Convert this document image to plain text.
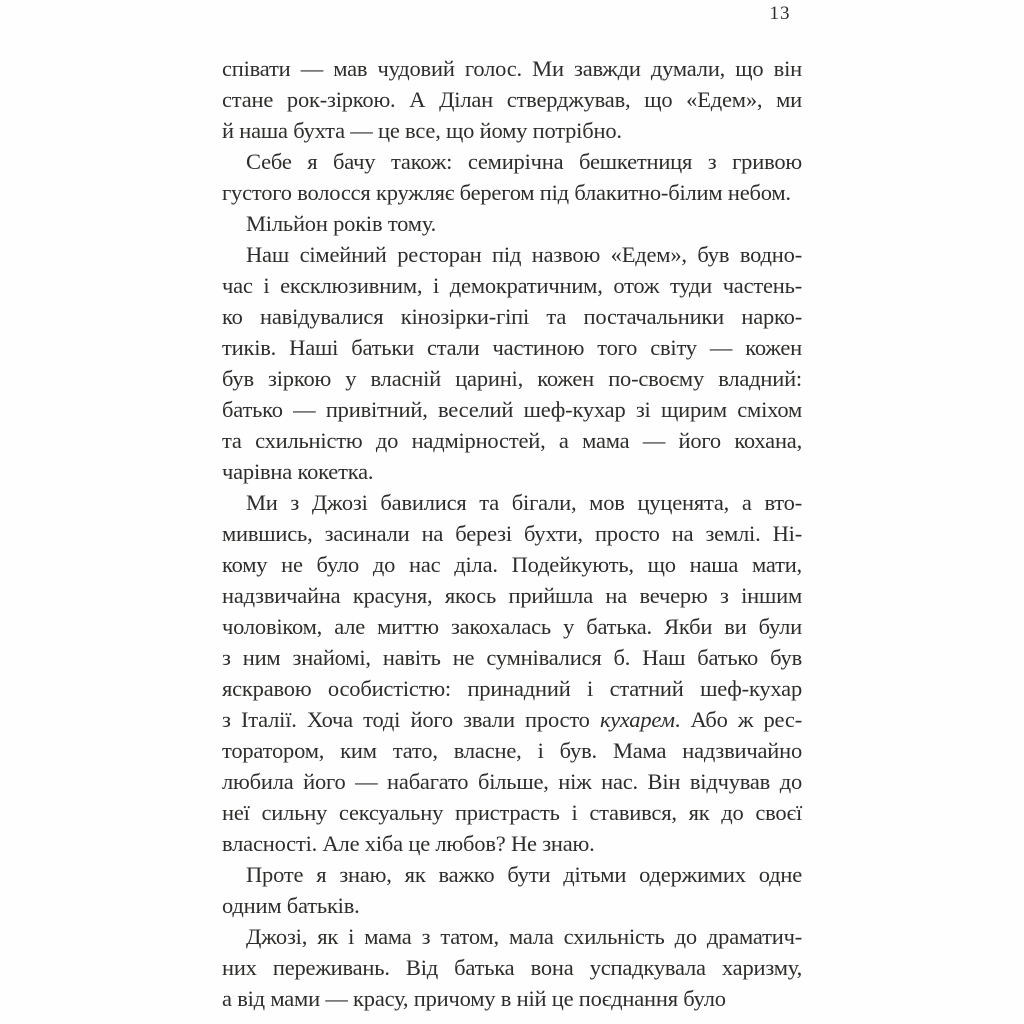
13
співати — мав чудовий голос. Ми завжди думали, що він
стане рок-зіркою. А Ділан стверджував, що «Едем», ми
й наша бухта — це все, що йому потрібно.
Себе я бачу також: семирічна бешкетниця з гривою
густого волосся кружляє берегом під блакитно-білим небом.
Мільйон років тому.
Наш сімейний ресторан під назвою «Едем», був водно-
час і ексклюзивним, і демократичним, отож туди частень-
ко навідувалися кінозірки-гіпі та постачальники нарко-
тиків. Наші батьки стали частиною того світу — кожен
був зіркою у власній царині, кожен по-своєму владний:
батько — привітний, веселий шеф-кухар зі щирим сміхом
та схильністю до надмірностей, а мама — його кохана,
чарівна кокетка.
Ми з Джозі бавилися та бігали, мов цуценята, а вто-
мившись, засинали на березі бухти, просто на землі. Ні-
кому не було до нас діла. Подейкують, що наша мати,
надзвичайна красуня, якось прийшла на вечерю з іншим
чоловіком, але миттю закохалась у батька. Якби ви були
з ним знайомі, навіть не сумнівалися б. Наш батько був
яскравою особистістю: принадний і статний шеф-кухар
з Італії. Хоча тоді його звали просто кухарем. Або ж рес-
торатором, ким тато, власне, і був. Мама надзвичайно
любила його — набагато більше, ніж нас. Він відчував до
неї сильну сексуальну пристрасть і ставився, як до своєї
власності. Але хіба це любов? Не знаю.
Проте я знаю, як важко бути дітьми одержимих одне
одним батьків.
Джозі, як і мама з татом, мала схильність до драматич-
них переживань. Від батька вона успадкувала харизму,
а від мами — красу, причому в ній це поєднання було
